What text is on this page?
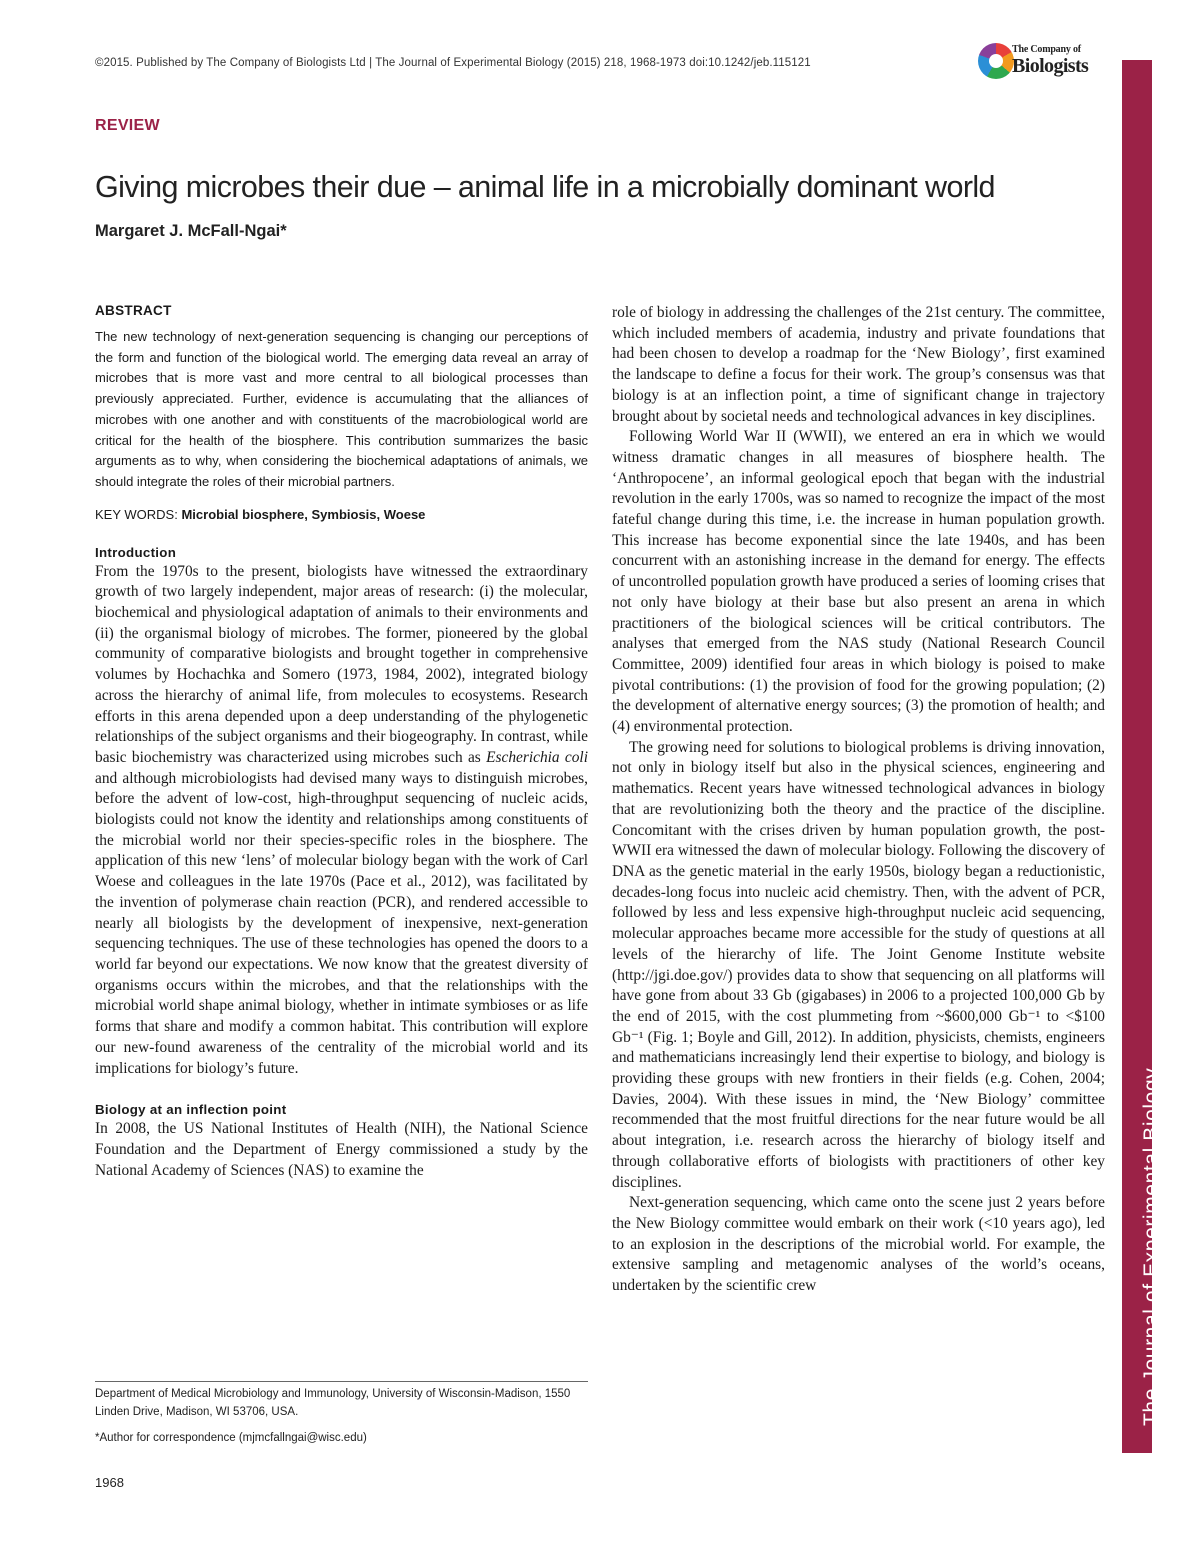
©2015. Published by The Company of Biologists Ltd | The Journal of Experimental Biology (2015) 218, 1968-1973 doi:10.1242/jeb.115121
The Company of
Biologists
The Journal of Experimental Biology
REVIEW
Giving microbes their due – animal life in a microbially dominant world
Margaret J. McFall-Ngai*
ABSTRACT

The new technology of next-generation sequencing is changing our perceptions of the form and function of the biological world. The emerging data reveal an array of microbes that is more vast and more central to all biological processes than previously appreciated. Further, evidence is accumulating that the alliances of microbes with one another and with constituents of the macrobiological world are critical for the health of the biosphere. This contribution summarizes the basic arguments as to why, when considering the biochemical adaptations of animals, we should integrate the roles of their microbial partners.

KEY WORDS: Microbial biosphere, Symbiosis, Woese

Introduction

From the 1970s to the present, biologists have witnessed the extraordinary growth of two largely independent, major areas of research: (i) the molecular, biochemical and physiological adaptation of animals to their environments and (ii) the organismal biology of microbes. The former, pioneered by the global community of comparative biologists and brought together in comprehensive volumes by Hochachka and Somero (1973, 1984, 2002), integrated biology across the hierarchy of animal life, from molecules to ecosystems. Research efforts in this arena depended upon a deep understanding of the phylogenetic relationships of the subject organisms and their biogeography. In contrast, while basic biochemistry was characterized using microbes such as Escherichia coli and although microbiologists had devised many ways to distinguish microbes, before the advent of low-cost, high-throughput sequencing of nucleic acids, biologists could not know the identity and relationships among constituents of the microbial world nor their species-specific roles in the biosphere. The application of this new ‘lens’ of molecular biology began with the work of Carl Woese and colleagues in the late 1970s (Pace et al., 2012), was facilitated by the invention of polymerase chain reaction (PCR), and rendered accessible to nearly all biologists by the development of inexpensive, next-generation sequencing techniques. The use of these technologies has opened the doors to a world far beyond our expectations. We now know that the greatest diversity of organisms occurs within the microbes, and that the relationships with the microbial world shape animal biology, whether in intimate symbioses or as life forms that share and modify a common habitat. This contribution will explore our new-found awareness of the centrality of the microbial world and its implications for biology’s future.

Biology at an inflection point

In 2008, the US National Institutes of Health (NIH), the National Science Foundation and the Department of Energy commissioned a study by the National Academy of Sciences (NAS) to examine the

role of biology in addressing the challenges of the 21st century. The committee, which included members of academia, industry and private foundations that had been chosen to develop a roadmap for the ‘New Biology’, first examined the landscape to define a focus for their work. The group’s consensus was that biology is at an inflection point, a time of significant change in trajectory brought about by societal needs and technological advances in key disciplines.

Following World War II (WWII), we entered an era in which we would witness dramatic changes in all measures of biosphere health. The ‘Anthropocene’, an informal geological epoch that began with the industrial revolution in the early 1700s, was so named to recognize the impact of the most fateful change during this time, i.e. the increase in human population growth. This increase has become exponential since the late 1940s, and has been concurrent with an astonishing increase in the demand for energy. The effects of uncontrolled population growth have produced a series of looming crises that not only have biology at their base but also present an arena in which practitioners of the biological sciences will be critical contributors. The analyses that emerged from the NAS study (National Research Council Committee, 2009) identified four areas in which biology is poised to make pivotal contributions: (1) the provision of food for the growing population; (2) the development of alternative energy sources; (3) the promotion of health; and (4) environmental protection.

The growing need for solutions to biological problems is driving innovation, not only in biology itself but also in the physical sciences, engineering and mathematics. Recent years have witnessed technological advances in biology that are revolutionizing both the theory and the practice of the discipline. Concomitant with the crises driven by human population growth, the post-WWII era witnessed the dawn of molecular biology. Following the discovery of DNA as the genetic material in the early 1950s, biology began a reductionistic, decades-long focus into nucleic acid chemistry. Then, with the advent of PCR, followed by less and less expensive high-throughput nucleic acid sequencing, molecular approaches became more accessible for the study of questions at all levels of the hierarchy of life. The Joint Genome Institute website (http://jgi.doe.gov/) provides data to show that sequencing on all platforms will have gone from about 33 Gb (gigabases) in 2006 to a projected 100,000 Gb by the end of 2015, with the cost plummeting from ~$600,000 Gb⁻¹ to <$100 Gb⁻¹ (Fig. 1; Boyle and Gill, 2012). In addition, physicists, chemists, engineers and mathematicians increasingly lend their expertise to biology, and biology is providing these groups with new frontiers in their fields (e.g. Cohen, 2004; Davies, 2004). With these issues in mind, the ‘New Biology’ committee recommended that the most fruitful directions for the near future would be all about integration, i.e. research across the hierarchy of biology itself and through collaborative efforts of biologists with practitioners of other key disciplines.

Next-generation sequencing, which came onto the scene just 2 years before the New Biology committee would embark on their work (<10 years ago), led to an explosion in the descriptions of the microbial world. For example, the extensive sampling and metagenomic analyses of the world’s oceans, undertaken by the scientific crew

Department of Medical Microbiology and Immunology, University of Wisconsin-Madison, 1550 Linden Drive, Madison, WI 53706, USA.
*Author for correspondence (mjmcfallngai@wisc.edu)
1968
